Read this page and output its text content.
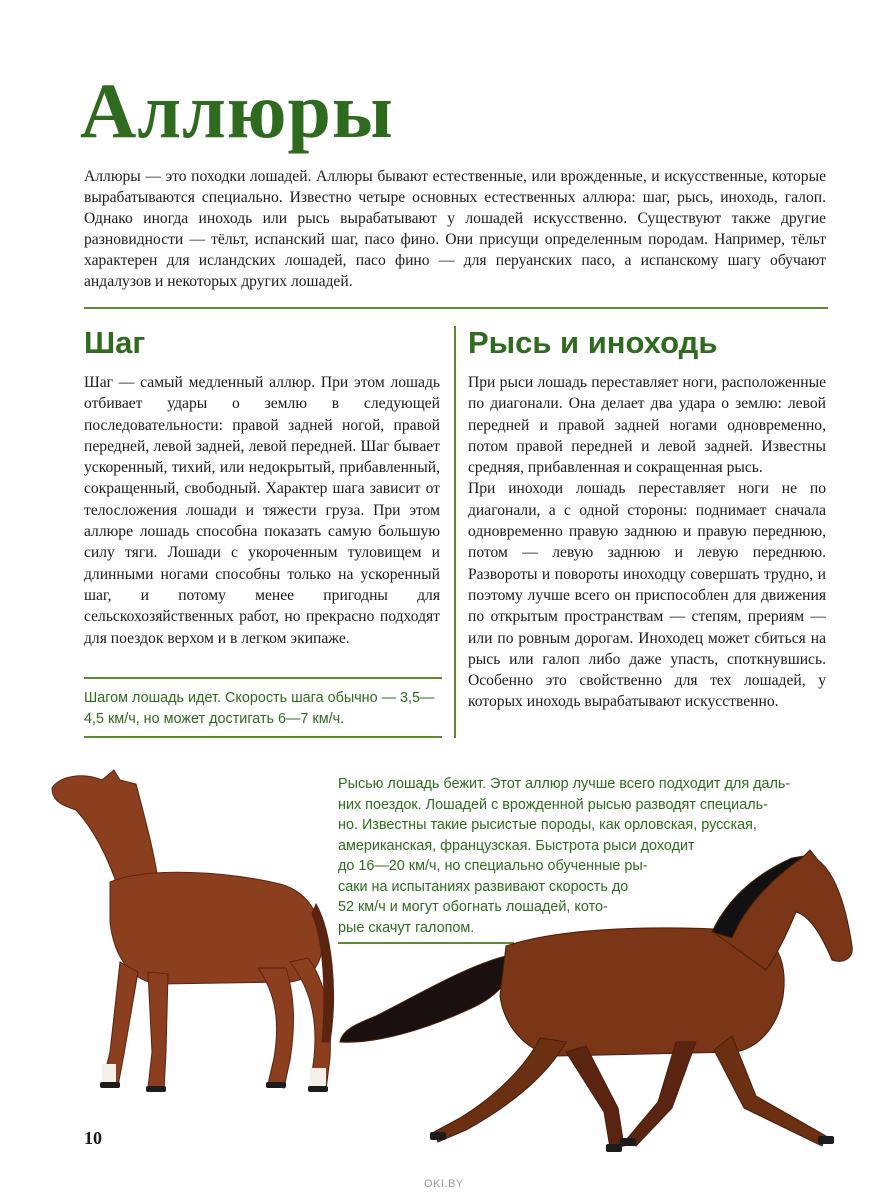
Аллюры

Аллюры — это походки лошадей. Аллюры бывают естественные, или врожденные, и искусственные, которые вырабатываются специально. Известно четыре основных естественных аллюра: шаг, рысь, иноходь, галоп. Однако иногда иноходь или рысь вырабатывают у лошадей искусственно. Существуют также другие разновидности — тёльт, испанский шаг, пасо фино. Они присущи определенным породам. Например, тёльт характерен для исландских лошадей, пасо фино — для перуанских пасо, а испанскому шагу обучают андалузов и некоторых других лошадей.

Шаг

Шаг — самый медленный аллюр. При этом лошадь отбивает удары о землю в следующей последовательности: правой задней ногой, правой передней, левой задней, левой передней. Шаг бывает ускоренный, тихий, или недокрытый, прибавленный, сокращенный, свободный. Характер шага зависит от телосложения лошади и тяжести груза. При этом аллюре лошадь способна показать самую большую силу тяги. Лошади с укороченным туловищем и длинными ногами способны только на ускоренный шаг, и потому менее пригодны для сельскохозяйственных работ, но прекрасно подходят для поездок верхом и в легком экипаже.

Шагом лошадь идет. Скорость шага обычно — 3,5—4,5 км/ч, но может достигать 6—7 км/ч.

Рысь и иноходь

При рыси лошадь переставляет ноги, расположенные по диагонали. Она делает два удара о землю: левой передней и правой задней ногами одновременно, потом правой передней и левой задней. Известны средняя, прибавленная и сокращенная рысь.

При иноходи лошадь переставляет ноги не по диагонали, а с одной стороны: поднимает сначала одновременно правую заднюю и правую переднюю, потом — левую заднюю и левую переднюю. Развороты и повороты иноходцу совершать трудно, и поэтому лучше всего он приспособлен для движения по открытым пространствам — степям, прериям — или по ровным дорогам. Иноходец может сбиться на рысь или галоп либо даже упасть, споткнувшись. Особенно это свойственно для тех лошадей, у которых иноходь вырабатывают искусственно.

Рысью лошадь бежит. Этот аллюр лучше всего подходит для даль-
них поездок. Лошадей с врожденной рысью разводят специаль-
но. Известны такие рысистые породы, как орловская, русская,
американская, французская. Быстрота рыси доходит
до 16—20 км/ч, но специально обученные ры-
саки на испытаниях развивают скорость до
52 км/ч и могут обогнать лошадей, кото-
рые скачут галопом.
10
OKI.BY
